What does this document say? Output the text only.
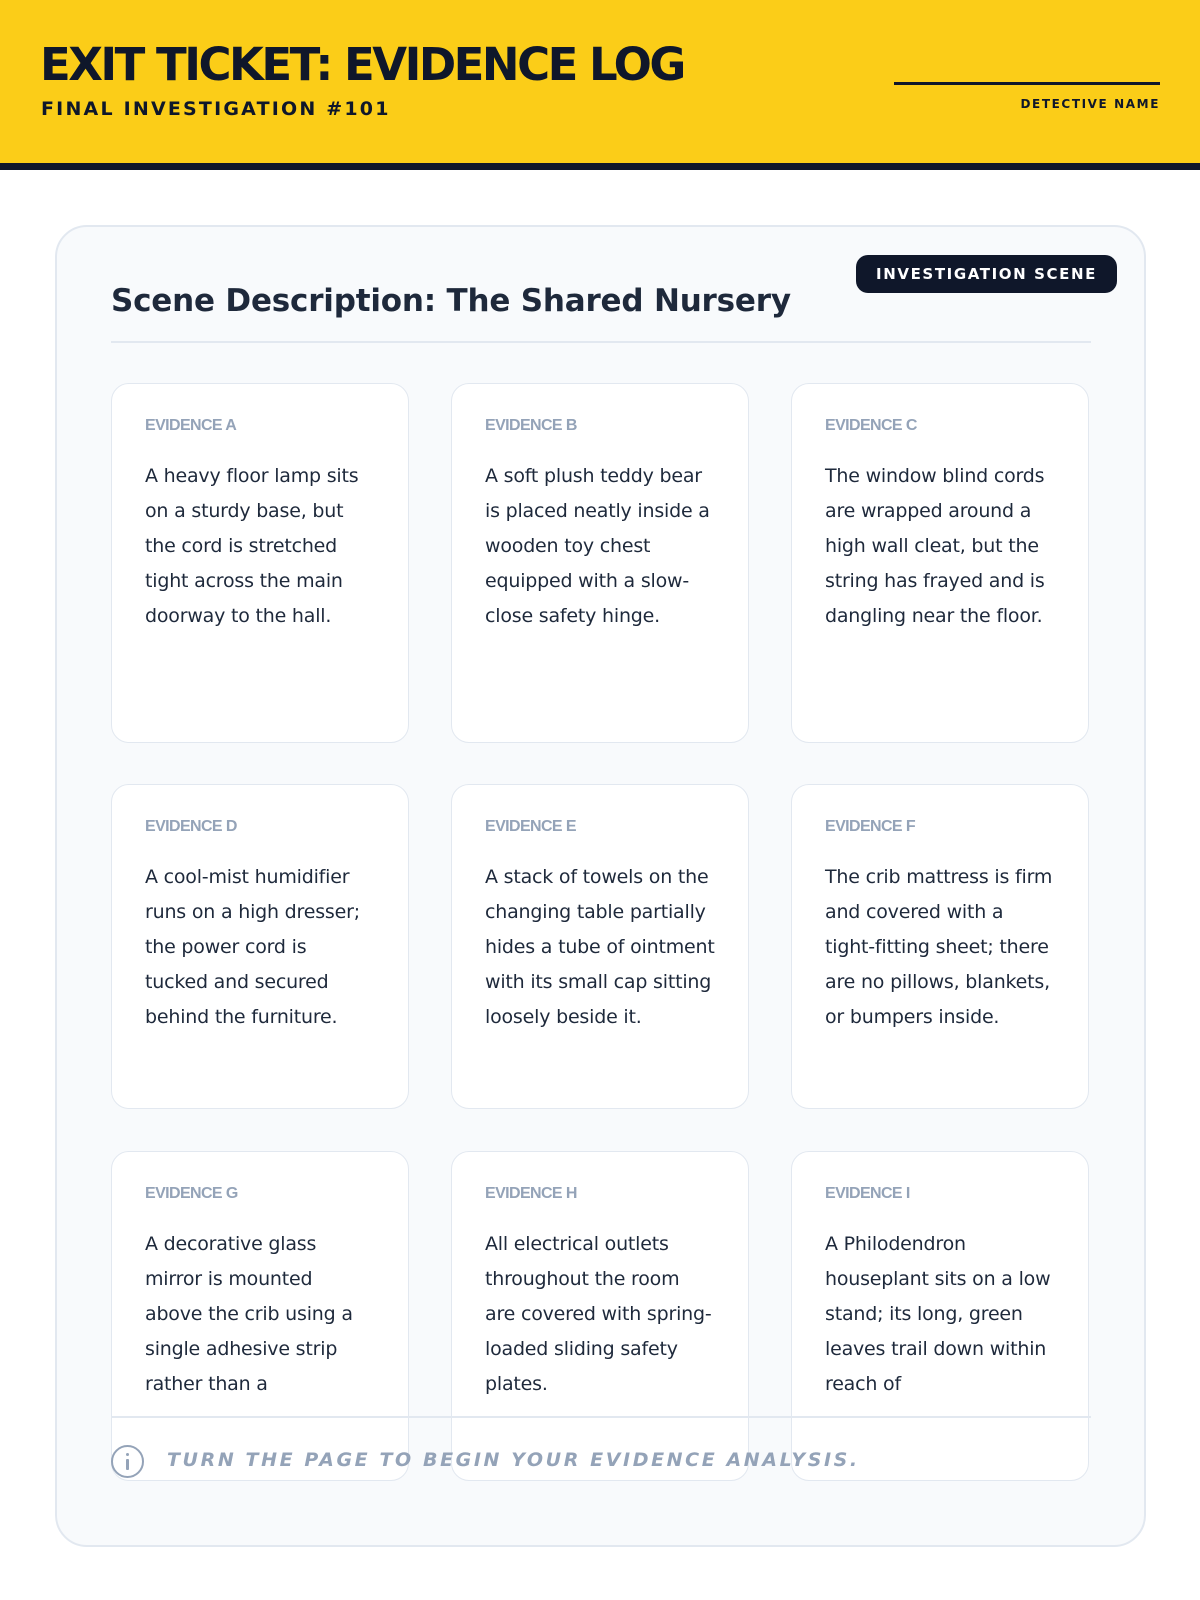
EXIT TICKET: EVIDENCE LOG
FINAL INVESTIGATION #101	DETECTIVE NAME
INVESTIGATION SCENE
Scene Description: The Shared Nursery
EVIDENCE A
A heavy floor lamp sits on a sturdy base, but the cord is stretched tight across the main doorway to the hall.
EVIDENCE B
A soft plush teddy bear is placed neatly inside a wooden toy chest equipped with a slow-close safety hinge.
EVIDENCE C
The window blind cords are wrapped around a high wall cleat, but the string has frayed and is dangling near the floor.
EVIDENCE D
A cool-mist humidifier runs on a high dresser; the power cord is tucked and secured behind the furniture.
EVIDENCE E
A stack of towels on the changing table partially hides a tube of ointment with its small cap sitting loosely beside it.
EVIDENCE F
The crib mattress is firm and covered with a tight-fitting sheet; there are no pillows, blankets, or bumpers inside.
EVIDENCE G
A decorative glass mirror is mounted above the crib using a single adhesive strip rather than a
EVIDENCE H
All electrical outlets throughout the room are covered with spring-loaded sliding safety plates.
EVIDENCE I
A Philodendron houseplant sits on a low stand; its long, green leaves trail down within reach of
TURN THE PAGE TO BEGIN YOUR EVIDENCE ANALYSIS.
